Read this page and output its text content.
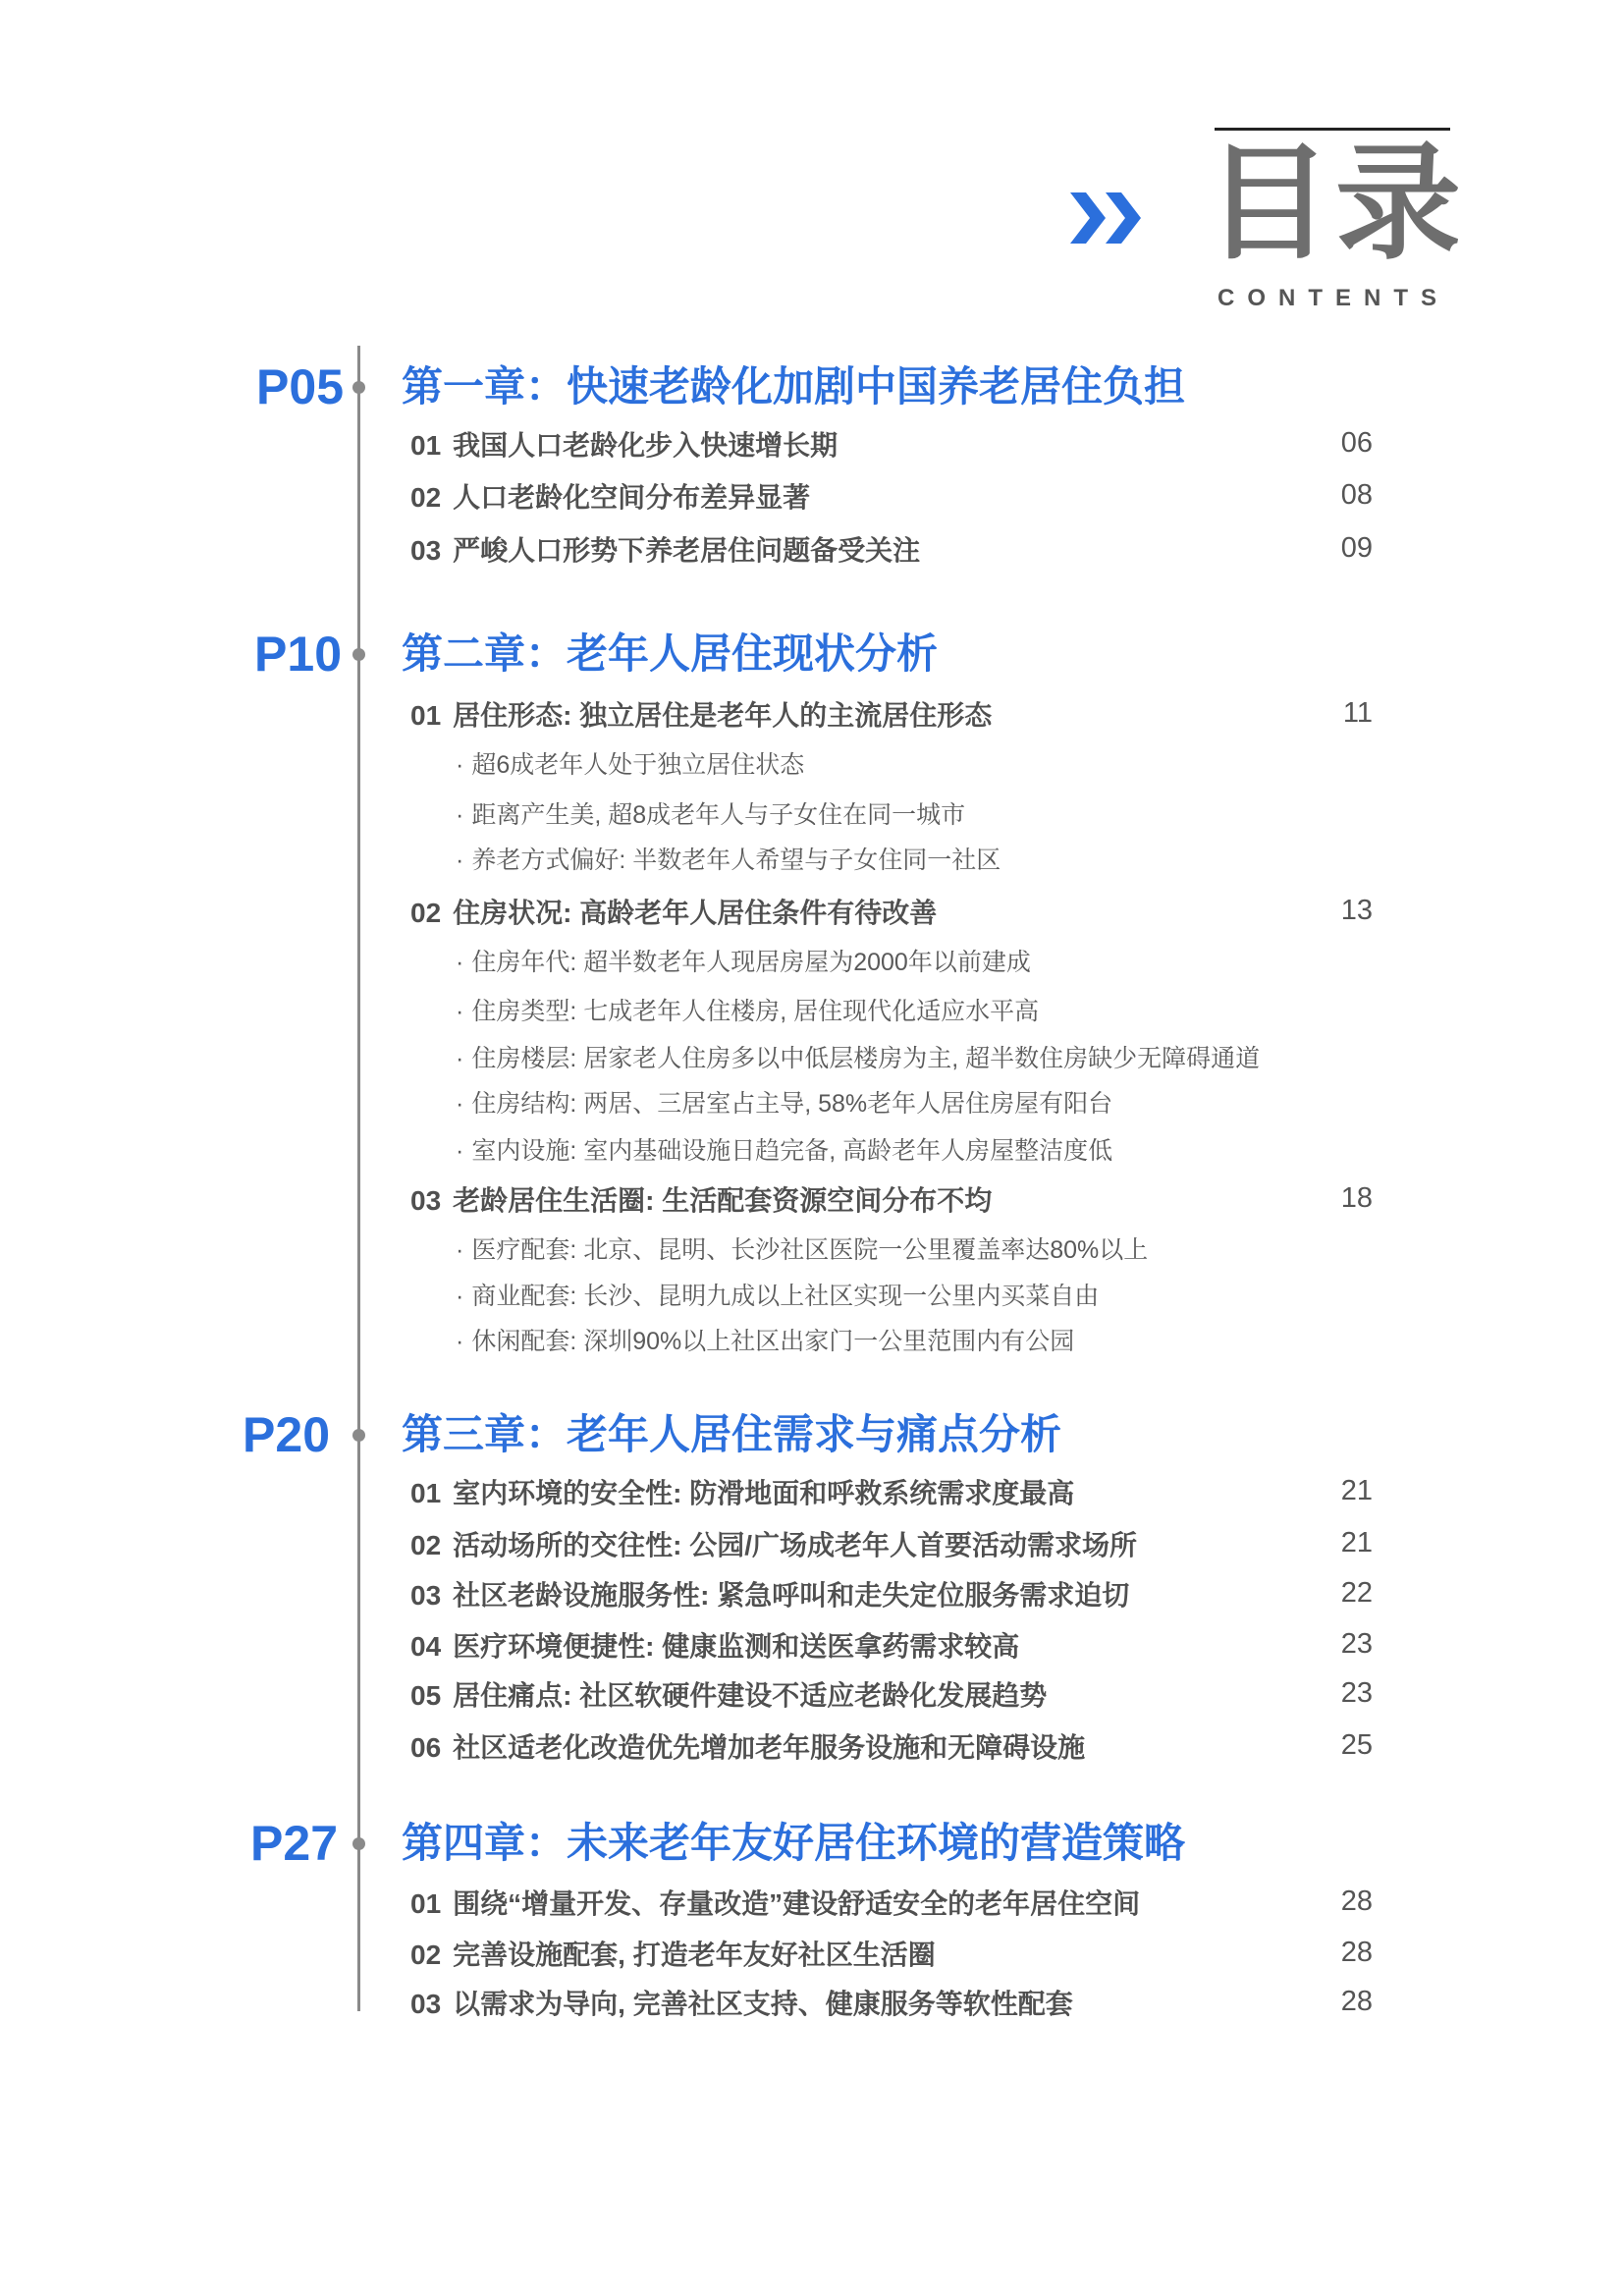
目录
CONTENTS
P05 第一章：快速老龄化加剧中国养老居住负担
01 我国人口老龄化步入快速增长期	06
02 人口老龄化空间分布差异显著	08
03 严峻人口形势下养老居住问题备受关注	09
P10 第二章：老年人居住现状分析
01 居住形态: 独立居住是老年人的主流居住形态	11
· 超6成老年人处于独立居住状态
· 距离产生美, 超8成老年人与子女住在同一城市
· 养老方式偏好: 半数老年人希望与子女住同一社区
02 住房状况: 高龄老年人居住条件有待改善	13
· 住房年代: 超半数老年人现居房屋为2000年以前建成
· 住房类型: 七成老年人住楼房, 居住现代化适应水平高
· 住房楼层: 居家老人住房多以中低层楼房为主, 超半数住房缺少无障碍通道
· 住房结构: 两居、三居室占主导, 58%老年人居住房屋有阳台
· 室内设施: 室内基础设施日趋完备, 高龄老年人房屋整洁度低
03 老龄居住生活圈: 生活配套资源空间分布不均	18
· 医疗配套: 北京、昆明、长沙社区医院一公里覆盖率达80%以上
· 商业配套: 长沙、昆明九成以上社区实现一公里内买菜自由
· 休闲配套: 深圳90%以上社区出家门一公里范围内有公园
P20 第三章：老年人居住需求与痛点分析
01 室内环境的安全性: 防滑地面和呼救系统需求度最高	21
02 活动场所的交往性: 公园/广场成老年人首要活动需求场所	21
03 社区老龄设施服务性: 紧急呼叫和走失定位服务需求迫切	22
04 医疗环境便捷性: 健康监测和送医拿药需求较高	23
05 居住痛点: 社区软硬件建设不适应老龄化发展趋势	23
06 社区适老化改造优先增加老年服务设施和无障碍设施	25
P27 第四章：未来老年友好居住环境的营造策略
01 围绕“增量开发、存量改造”建设舒适安全的老年居住空间	28
02 完善设施配套, 打造老年友好社区生活圈	28
03 以需求为导向, 完善社区支持、健康服务等软性配套	28
